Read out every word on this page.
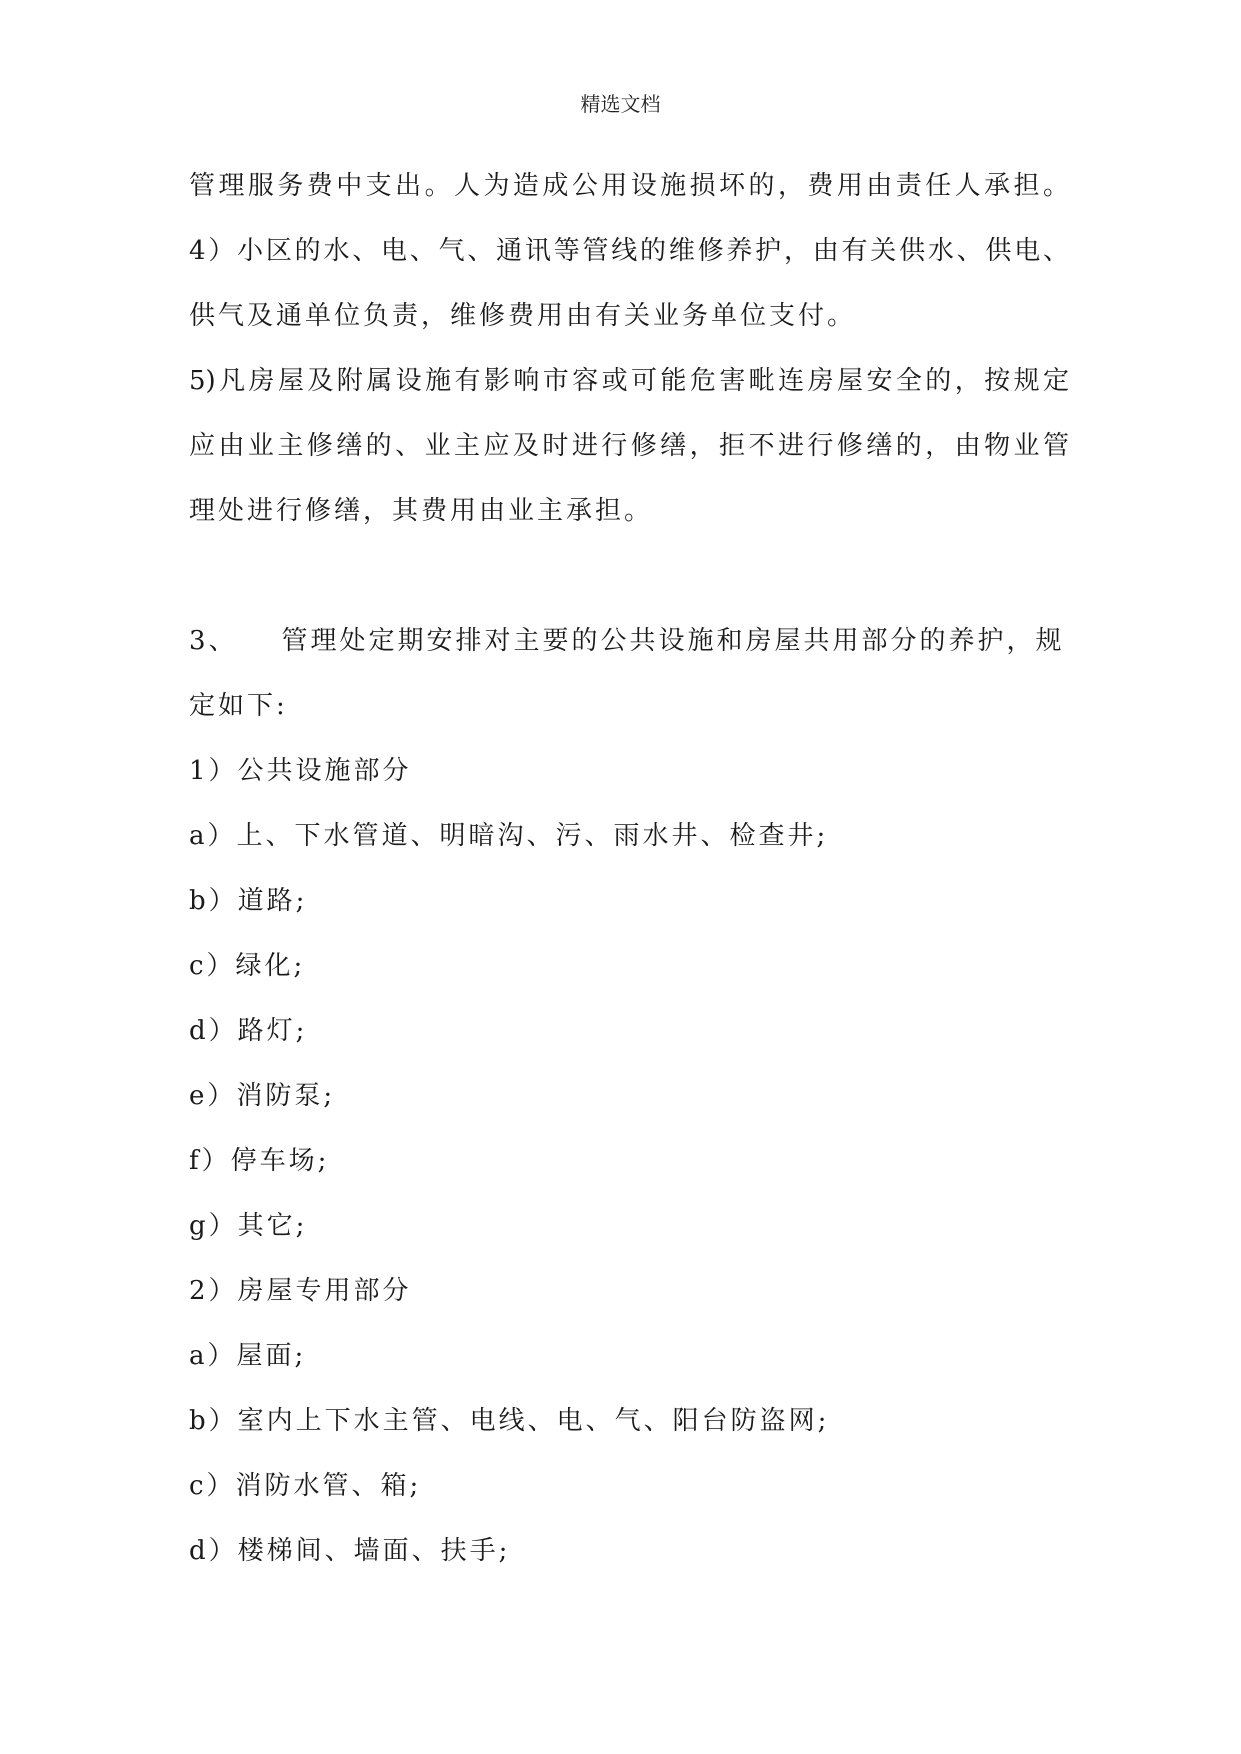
精选文档
管理服务费中支出。人为造成公用设施损坏的，费用由责任人承担。
4）小区的水、电、气、通讯等管线的维修养护，由有关供水、供电、
供气及通单位负责，维修费用由有关业务单位支付。
5)凡房屋及附属设施有影响市容或可能危害毗连房屋安全的，按规定
应由业主修缮的、业主应及时进行修缮，拒不进行修缮的，由物业管
理处进行修缮，其费用由业主承担。
3、 管理处定期安排对主要的公共设施和房屋共用部分的养护，规
定如下:
1）公共设施部分
a）上、下水管道、明暗沟、污、雨水井、检查井;
b）道路;
c）绿化;
d）路灯;
e）消防泵;
f）停车场;
g）其它;
2）房屋专用部分
a）屋面;
b）室内上下水主管、电线、电、气、阳台防盗网;
c）消防水管、箱;
d）楼梯间、墙面、扶手;
